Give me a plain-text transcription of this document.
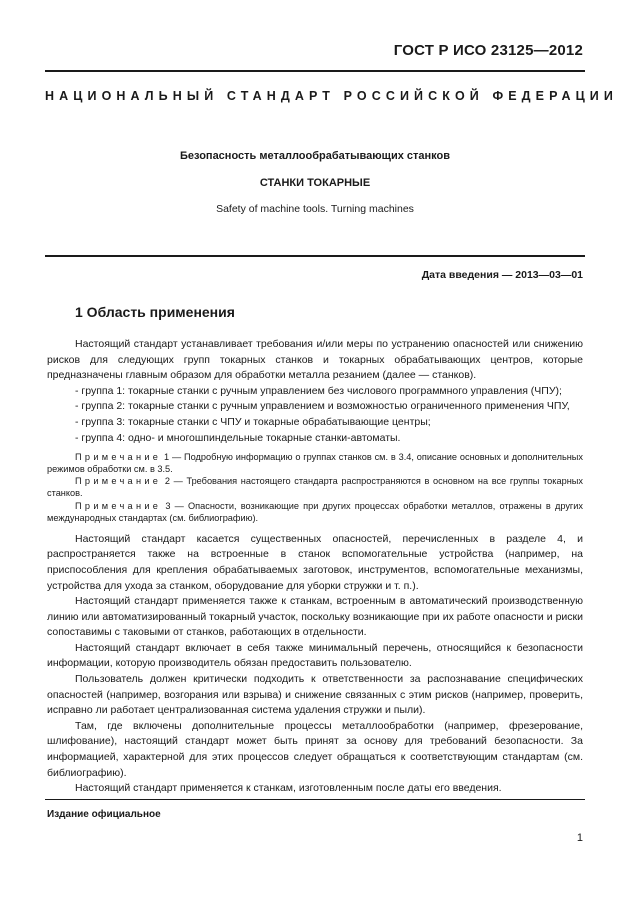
ГОСТ Р ИСО 23125—2012
НАЦИОНАЛЬНЫЙ СТАНДАРТ РОССИЙСКОЙ ФЕДЕРАЦИИ
Безопасность металлообрабатывающих станков
СТАНКИ ТОКАРНЫЕ
Safety of machine tools. Turning machines
Дата введения — 2013—03—01
1 Область применения

Настоящий стандарт устанавливает требования и/или меры по устранению опасностей или снижению рисков для следующих групп токарных станков и токарных обрабатывающих центров, которые предназначены главным образом для обработки металла резанием (далее — станков).

- группа 1: токарные станки с ручным управлением без числового программного управления (ЧПУ);

- группа 2: токарные станки с ручным управлением и возможностью ограниченного применения ЧПУ,

- группа 3: токарные станки с ЧПУ и токарные обрабатывающие центры;

- группа 4: одно- и многошпиндельные токарные станки-автоматы.

Примечание 1 — Подробную информацию о группах станков см. в 3.4, описание основных и дополнительных режимов обработки см. в 3.5.

Примечание 2 — Требования настоящего стандарта распространяются в основном на все группы токарных станков.

Примечание 3 — Опасности, возникающие при других процессах обработки металлов, отражены в других международных стандартах (см. библиографию).

Настоящий стандарт касается существенных опасностей, перечисленных в разделе 4, и распространяется также на встроенные в станок вспомогательные устройства (например, на приспособления для крепления обрабатываемых заготовок, инструментов, вспомогательные механизмы, устройства для ухода за станком, оборудование для уборки стружки и т. п.).

Настоящий стандарт применяется также к станкам, встроенным в автоматический производственную линию или автоматизированный токарный участок, поскольку возникающие при их работе опасности и риски сопоставимы с таковыми от станков, работающих в отдельности.

Настоящий стандарт включает в себя также минимальный перечень, относящийся к безопасности информации, которую производитель обязан предоставить пользователю.

Пользователь должен критически подходить к ответственности за распознавание специфических опасностей (например, возгорания или взрыва) и снижение связанных с этим рисков (например, проверить, исправно ли работает централизованная система удаления стружки и пыли).

Там, где включены дополнительные процессы металлообработки (например, фрезерование, шлифование), настоящий стандарт может быть принят за основу для требований безопасности. За информацией, характерной для этих процессов следует обращаться к соответствующим стандартам (см. библиографию).

Настоящий стандарт применяется к станкам, изготовленным после даты его введения.

Издание официальное
1
